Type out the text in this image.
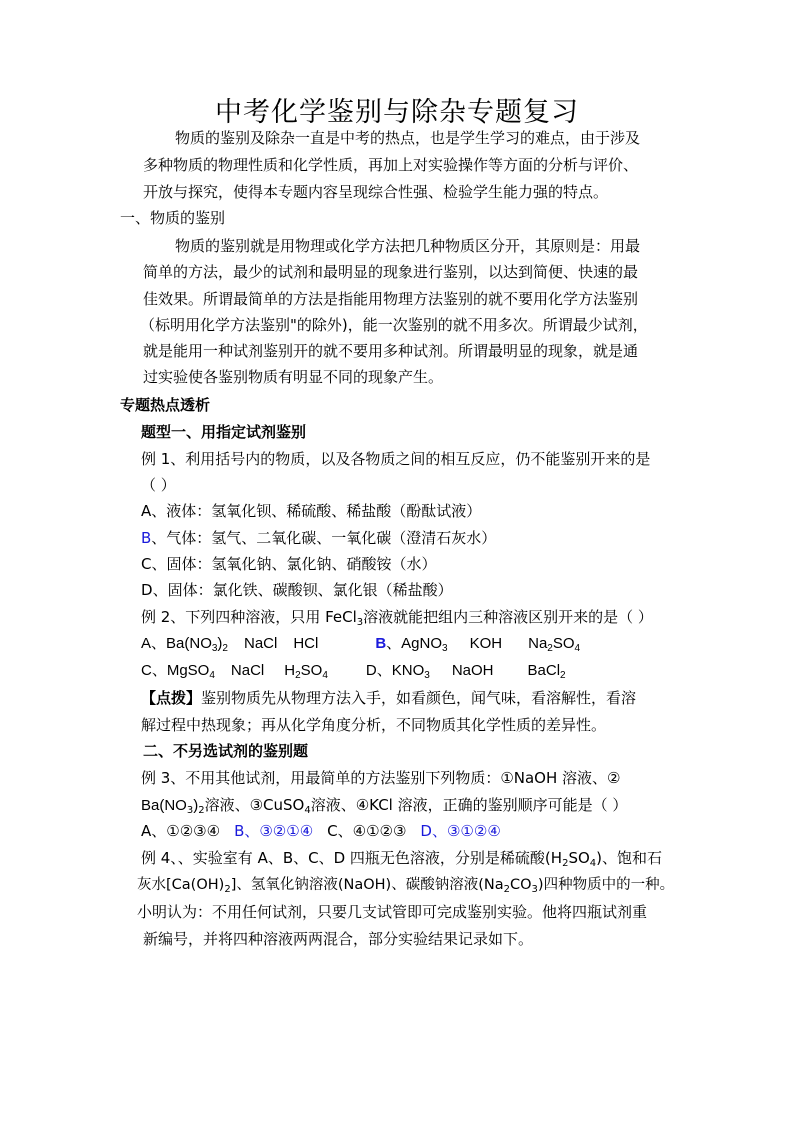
中考化学鉴别与除杂专题复习
物质的鉴别及除杂一直是中考的热点，也是学生学习的难点，由于涉及
多种物质的物理性质和化学性质，再加上对实验操作等方面的分析与评价、
开放与探究，使得本专题内容呈现综合性强、检验学生能力强的特点。
一、物质的鉴别
物质的鉴别就是用物理或化学方法把几种物质区分开，其原则是：用最
简单的方法，最少的试剂和最明显的现象进行鉴别，以达到简便、快速的最
佳效果。所谓最简单的方法是指能用物理方法鉴别的就不要用化学方法鉴别
（标明用化学方法鉴别"的除外)，能一次鉴别的就不用多次。所谓最少试剂，
就是能用一种试剂鉴别开的就不要用多种试剂。所谓最明显的现象，就是通
过实验使各鉴别物质有明显不同的现象产生。
专题热点透析
题型一、用指定试剂鉴别
例 1、利用括号内的物质，以及各物质之间的相互反应，仍不能鉴别开来的是
（ ）
A、液体：氢氧化钡、稀硫酸、稀盐酸（酚酞试液）
B、气体：氢气、二氧化碳、一氧化碳（澄清石灰水）
C、固体：氢氧化钠、氯化钠、硝酸铵（水）
D、固体：氯化铁、碳酸钡、氯化银（稀盐酸）
例 2、下列四种溶液，只用 FeCl$_3$溶液就能把组内三种溶液区别开来的是（ ）
A、$Ba(NO_3)_2$ NaCl HCl	B、AgNO$_3$ KOH $Na_2SO_4$
C、MgSO$_4$ NaCl $H_2SO_4$	D、$KNO_3$ NaOH BaCl$_2$
【点拨】鉴别物质先从物理方法入手，如看颜色，闻气味，看溶解性，看溶
解过程中热现象；再从化学角度分析，不同物质其化学性质的差异性。
二、不另选试剂的鉴别题
例 3、不用其他试剂，用最简单的方法鉴别下列物质：①NaOH 溶液、②
$Ba(NO_3)_2$溶液、③CuSO$_4$溶液、④KCl 溶液，正确的鉴别顺序可能是（ ）
A、①②③④ B、③②①④ C、④①②③ D、③①②④
例 4、、实验室有 A、B、C、D 四瓶无色溶液，分别是稀硫酸$(H_2SO_4)$、饱和石
灰水$[Ca(OH)_2]$、氢氧化钠溶液(NaOH)、碳酸钠溶液$(Na_2CO_3)$四种物质中的一种。
小明认为：不用任何试剂，只要几支试管即可完成鉴别实验。他将四瓶试剂重
新编号，并将四种溶液两两混合，部分实验结果记录如下。
